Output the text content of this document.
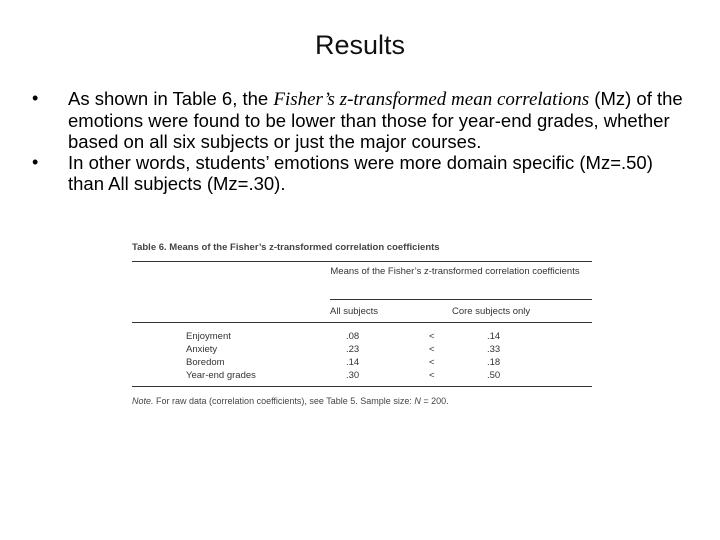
Results
• As shown in Table 6, the Fisher’s z-transformed mean correlations (Mz) of the emotions were found to be lower than those for year-end grades, whether based on all six subjects or just the major courses.
• In other words, students’ emotions were more domain specific (Mz=.50) than All subjects (Mz=.30).
Table 6. Means of the Fisher’s z-transformed correlation coefficients
Means of the Fisher’s z-transformed correlation coefficients
All subjects	Core subjects only
Enjoyment	.08	<	.14
Anxiety	.23	<	.33
Boredom	.14	<	.18
Year-end grades	.30	<	.50
Note. For raw data (correlation coefficients), see Table 5. Sample size: N = 200.
